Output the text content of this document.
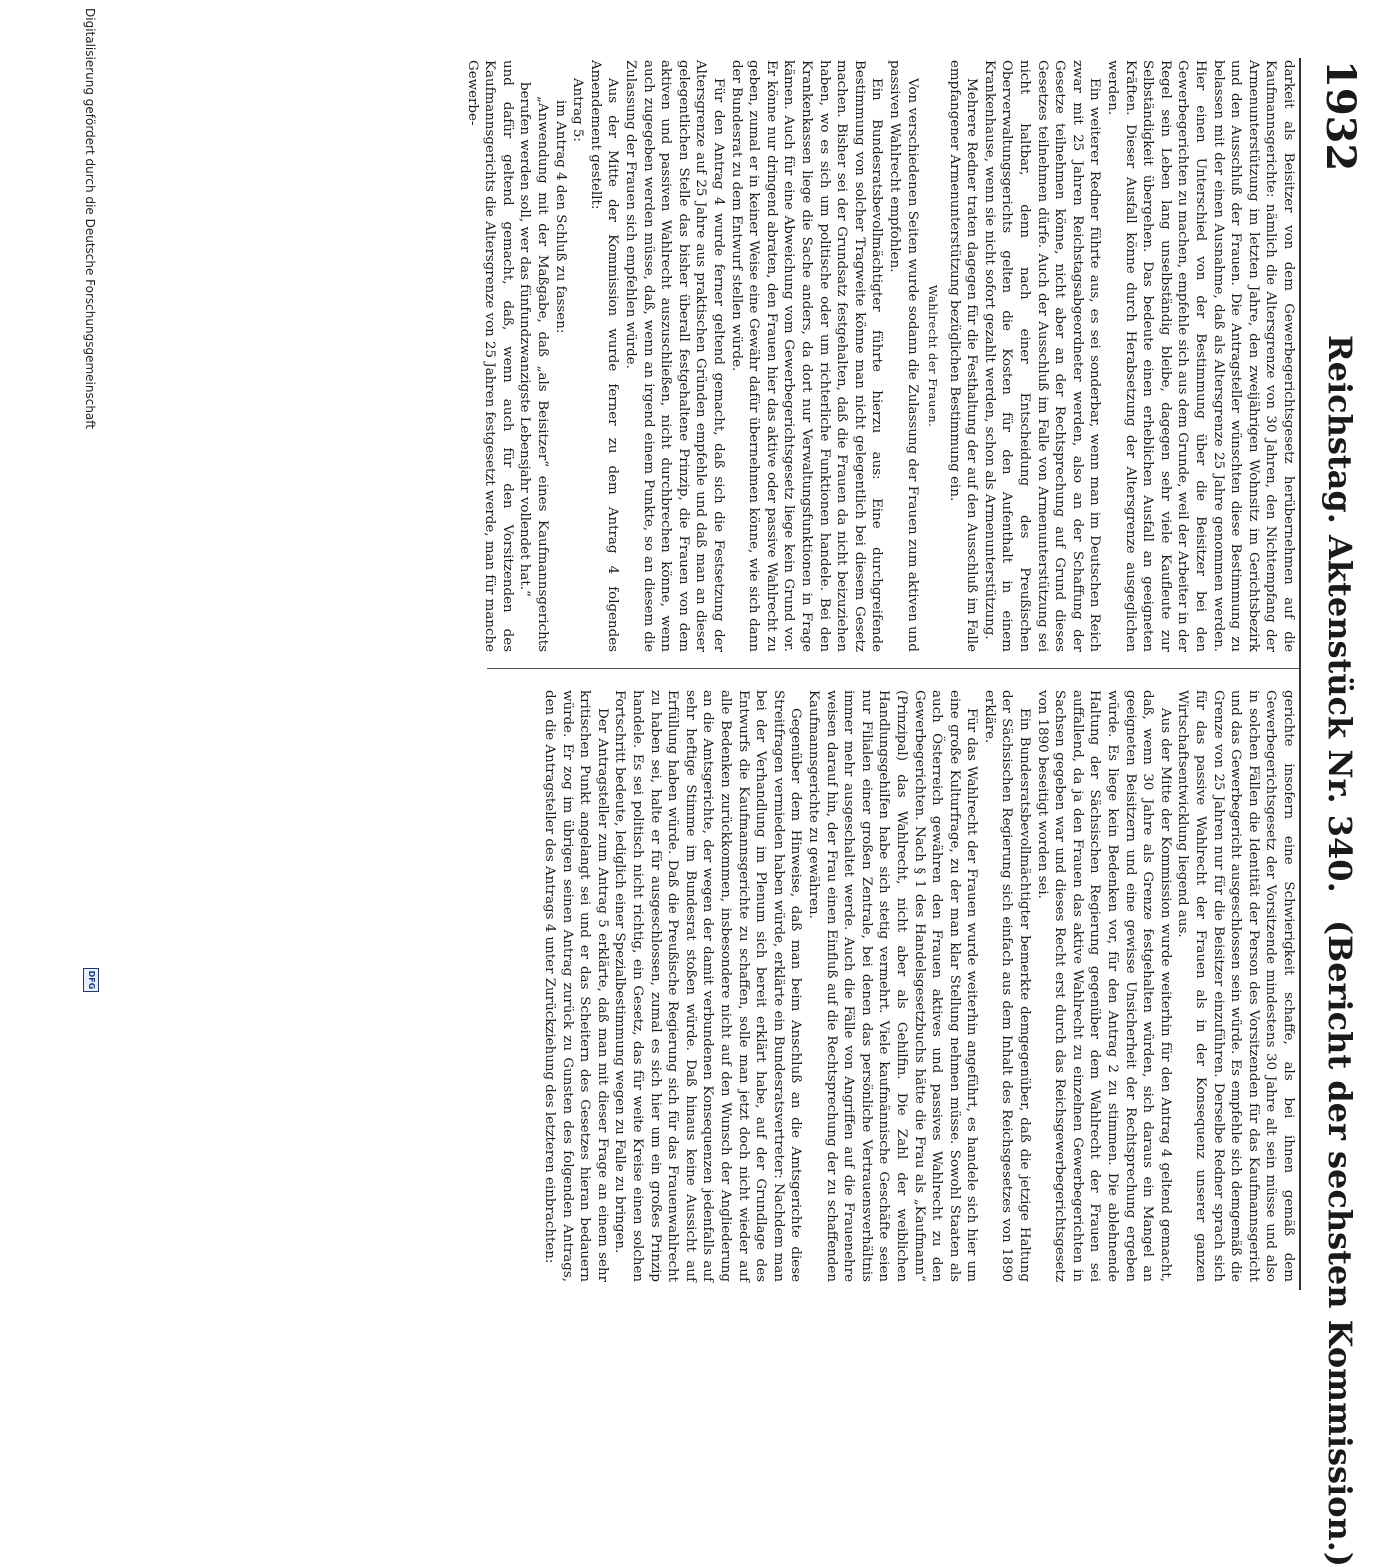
1932
Reichstag. Aktenstück Nr. 340.
(Bericht der sechsten Kommission.)

darkeit als Beisitzer von dem Gewerbegerichtsgesetz herübernehmen auf die Kaufmannsgerichte: nämlich die Altersgrenze von 30 Jahren, den Nichtempfang der Armenunterstützung im letzten Jahre, den zweijährigen Wohnsitz im Gerichtsbezirk und den Ausschluß der Frauen. Die Antragsteller wünschten diese Bestimmung zu belassen mit der einen Ausnahme, daß als Altersgrenze 25 Jahre genommen werden. Hier einen Unterschied von der Bestimmung über die Beisitzer bei den Gewerbegerichten zu machen, empfehle sich aus dem Grunde, weil der Arbeiter in der Regel sein Leben lang unselbständig bleibe, dagegen sehr viele Kaufleute zur Selbständigkeit übergehen. Das bedeute einen erheblichen Ausfall an geeigneten Kräften. Dieser Ausfall könne durch Herabsetzung der Altersgrenze ausgeglichen werden.

Ein weiterer Redner führte aus, es sei sonderbar, wenn man im Deutschen Reich zwar mit 25 Jahren Reichstagsabgeordneter werden, also an der Schaffung der Gesetze teilnehmen könne, nicht aber an der Rechtsprechung auf Grund dieses Gesetzes teilnehmen dürfe. Auch der Ausschluß im Falle von Armenunterstützung sei nicht haltbar, denn nach einer Entscheidung des Preußischen Oberverwaltungsgerichts gelten die Kosten für den Aufenthalt in einem Krankenhause, wenn sie nicht sofort gezahlt werden, schon als Armenunterstützung.

Mehrere Redner traten dagegen für die Festhaltung der auf den Ausschluß im Falle empfangener Armenunterstützung bezüglichen Bestimmung ein.

Wahlrecht der Frauen.

Von verschiedenen Seiten wurde sodann die Zulassung der Frauen zum aktiven und passiven Wahlrecht empfohlen.

Ein Bundesratsbevollmächtigter führte hierzu aus: Eine durchgreifende Bestimmung von solcher Tragweite könne man nicht gelegentlich bei diesem Gesetz machen. Bisher sei der Grundsatz festgehalten, daß die Frauen da nicht beizuziehen haben, wo es sich um politische oder um richterliche Funktionen handele. Bei den Krankenkassen liege die Sache anders, da dort nur Verwaltungsfunktionen in Frage kämen. Auch für eine Abweichung vom Gewerbegerichtsgesetz liege kein Grund vor. Er könne nur dringend abraten, den Frauen hier das aktive oder passive Wahlrecht zu geben, zumal er in keiner Weise eine Gewähr dafür übernehmen könne, wie sich dann der Bundesrat zu dem Entwurf stellen würde.

Für den Antrag 4 wurde ferner geltend gemacht, daß sich die Festsetzung der Altersgrenze auf 25 Jahre aus praktischen Gründen empfehle und daß man an dieser gelegentlichen Stelle das bisher überall festgehaltene Prinzip, die Frauen von dem aktiven und passiven Wahlrecht auszuschließen, nicht durchbrechen könne, wenn auch zugegeben werden müsse, daß, wenn an irgend einem Punkte, so an diesem die Zulassung der Frauen sich empfehlen würde.

Aus der Mitte der Kommission wurde ferner zu dem Antrag 4 folgendes Amendement gestellt:

Antrag 5:

im Antrag 4 den Schluß zu fassen:

„Anwendung mit der Maßgabe, daß „als Beisitzer“ eines Kaufmannsgerichts berufen werden soll, wer das fünfundzwanzigste Lebensjahr vollendet hat.“

und dafür geltend gemacht, daß, wenn auch für den Vorsitzenden des Kaufmannsgerichts die Altersgrenze von 25 Jahren festgesetzt werde, man für manche Gewerbe-

gerichte insofern eine Schwierigkeit schaffe, als bei ihnen gemäß dem Gewerbegerichtsgesetz der Vorsitzende mindestens 30 Jahre alt sein müsse und also in solchen Fällen die Identität der Person des Vorsitzenden für das Kaufmannsgericht und das Gewerbegericht ausgeschlossen sein würde. Es empfehle sich demgemäß die Grenze von 25 Jahren nur für die Beisitzer einzuführen. Derselbe Redner sprach sich für das passive Wahlrecht der Frauen als in der Konsequenz unserer ganzen Wirtschaftsentwicklung liegend aus.

Aus der Mitte der Kommission wurde weiterhin für den Antrag 4 geltend gemacht, daß, wenn 30 Jahre als Grenze festgehalten würden, sich daraus ein Mangel an geeigneten Beisitzern und eine gewisse Unsicherheit der Rechtsprechung ergeben würde. Es liege kein Bedenken vor, für den Antrag 2 zu stimmen. Die ablehnende Haltung der Sächsischen Regierung gegenüber dem Wahlrecht der Frauen sei auffallend, da ja den Frauen das aktive Wahlrecht zu einzelnen Gewerbegerichten in Sachsen gegeben war und dieses Recht erst durch das Reichsgewerbegerichtsgesetz von 1890 beseitigt worden sei.

Ein Bundesratsbevollmächtigter bemerkte demgegenüber, daß die jetzige Haltung der Sächsischen Regierung sich einfach aus dem Inhalt des Reichsgesetzes von 1890 erkläre.

Für das Wahlrecht der Frauen wurde weiterhin angeführt, es handele sich hier um eine große Kulturfrage, zu der man klar Stellung nehmen müsse. Sowohl Staaten als auch Österreich gewähren den Frauen aktives und passives Wahlrecht zu den Gewerbegerichten. Nach § 1 des Handelsgesetzbuchs hätte die Frau als „Kaufmann“ (Prinzipal) das Wahlrecht, nicht aber als Gehilfin. Die Zahl der weiblichen Handlungsgehilfen habe sich stetig vermehrt. Viele kaufmännische Geschäfte seien nur Filialen einer großen Zentrale, bei denen das persönliche Vertrauensverhältnis immer mehr ausgeschaltet werde. Auch die Fälle von Angriffen auf die Frauenehre weisen darauf hin, der Frau einen Einfluß auf die Rechtsprechung der zu schaffenden Kaufmannsgerichte zu gewähren.

Gegenüber dem Hinweise, daß man beim Anschluß an die Amtsgerichte diese Streitfragen vermieden haben würde, erklärte ein Bundesratsvertreter: Nachdem man bei der Verhandlung im Plenum sich bereit erklärt habe, auf der Grundlage des Entwurfs die Kaufmannsgerichte zu schaffen, solle man jetzt doch nicht wieder auf alle Bedenken zurückkommen, insbesondere nicht auf den Wunsch der Angliederung an die Amtsgerichte, der wegen der damit verbundenen Konsequenzen jedenfalls auf sehr heftige Stimme im Bundesrat stoßen würde. Daß hinaus keine Aussicht auf Erfüllung haben würde. Daß die Preußische Regierung sich für das Frauenwahlrecht zu haben sei, halte er für ausgeschlossen, zumal es sich hier um ein großes Prinzip handele. Es sei politisch nicht richtig, ein Gesetz, das für weite Kreise einen solchen Fortschritt bedeute, lediglich einer Spezialbestimmung wegen zu Falle zu bringen.

Der Antragsteller zum Antrag 5 erklärte, daß man mit dieser Frage an einem sehr kritischen Punkt angelangt sei und er das Scheitern des Gesetzes hieran bedauern würde. Er zog im übrigen seinen Antrag zurück zu Gunsten des folgenden Antrags, den die Antragsteller des Antrags 4 unter Zurückziehung des letzteren einbrachten:

Digitalisierung gefördert durch die Deutsche Forschungsgemeinschaft
DFG
